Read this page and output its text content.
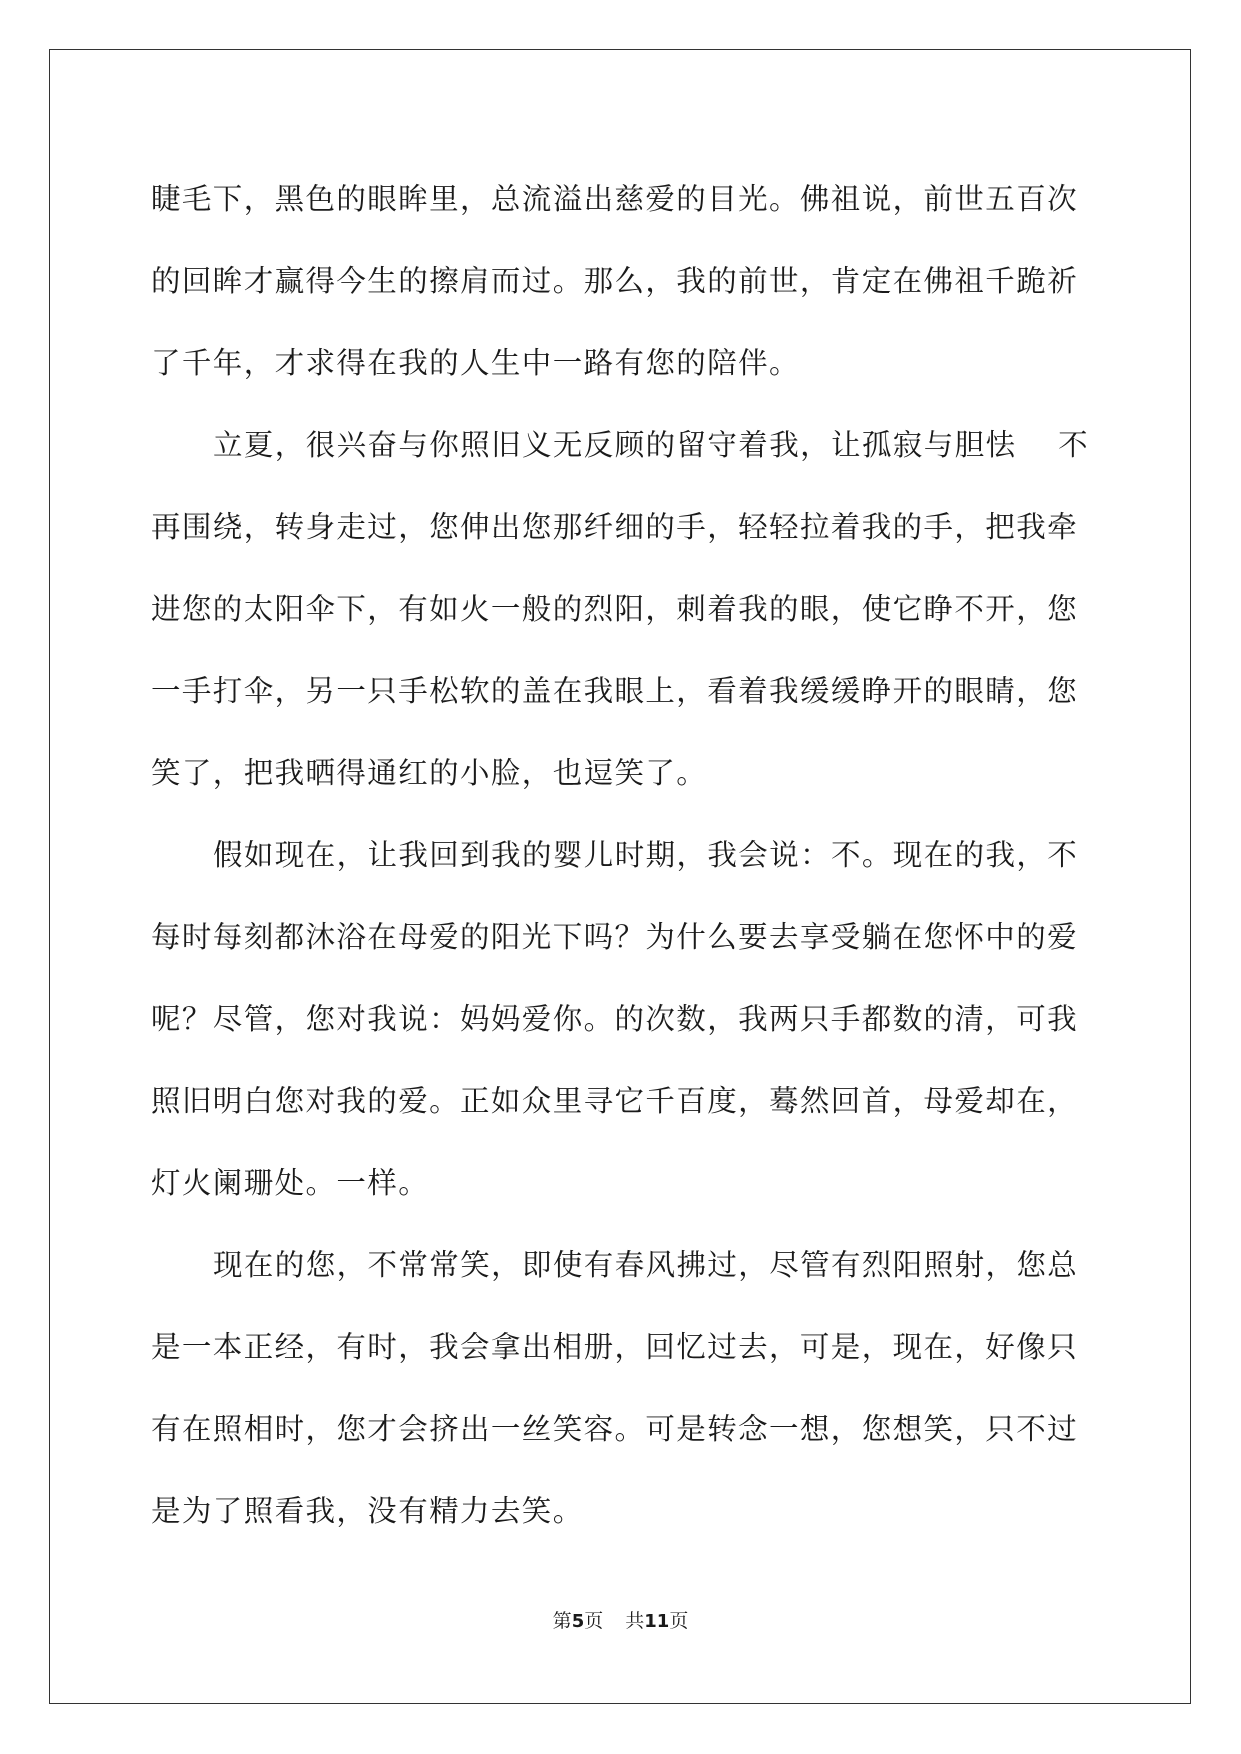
睫毛下，黑色的眼眸里，总流溢出慈爱的目光。佛祖说，前世五百次
的回眸才赢得今生的擦肩而过。那么，我的前世，肯定在佛祖千跪祈
了千年，才求得在我的人生中一路有您的陪伴。
立夏，很兴奋与你照旧义无反顾的留守着我，让孤寂与胆怯　 不
再围绕，转身走过，您伸出您那纤细的手，轻轻拉着我的手，把我牵
进您的太阳伞下，有如火一般的烈阳，刺着我的眼，使它睁不开，您
一手打伞，另一只手松软的盖在我眼上，看着我缓缓睁开的眼睛，您
笑了，把我晒得通红的小脸，也逗笑了。
假如现在，让我回到我的婴儿时期，我会说：不。现在的我，不
每时每刻都沐浴在母爱的阳光下吗？为什么要去享受躺在您怀中的爱
呢？尽管，您对我说：妈妈爱你。的次数，我两只手都数的清，可我
照旧明白您对我的爱。正如众里寻它千百度，蓦然回首，母爱却在，
灯火阑珊处。一样。
现在的您，不常常笑，即使有春风拂过，尽管有烈阳照射，您总
是一本正经，有时，我会拿出相册，回忆过去，可是，现在，好像只
有在照相时，您才会挤出一丝笑容。可是转念一想，您想笑，只不过
是为了照看我，没有精力去笑。
第5页 共11页
